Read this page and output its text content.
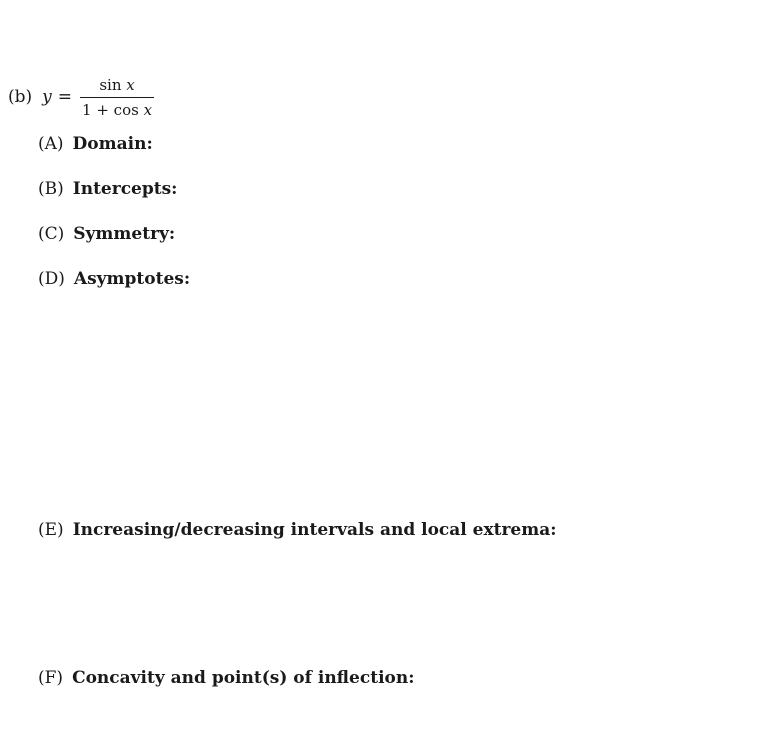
(b) $y = \frac{\text{sin x}}{\text{1 + cos x}}$
(A) Domain:
(B) Intercepts:
(C) Symmetry:
(D) Asymptotes:
(E) Increasing/decreasing intervals and local extrema:
(F) Concavity and point(s) of inflection:
